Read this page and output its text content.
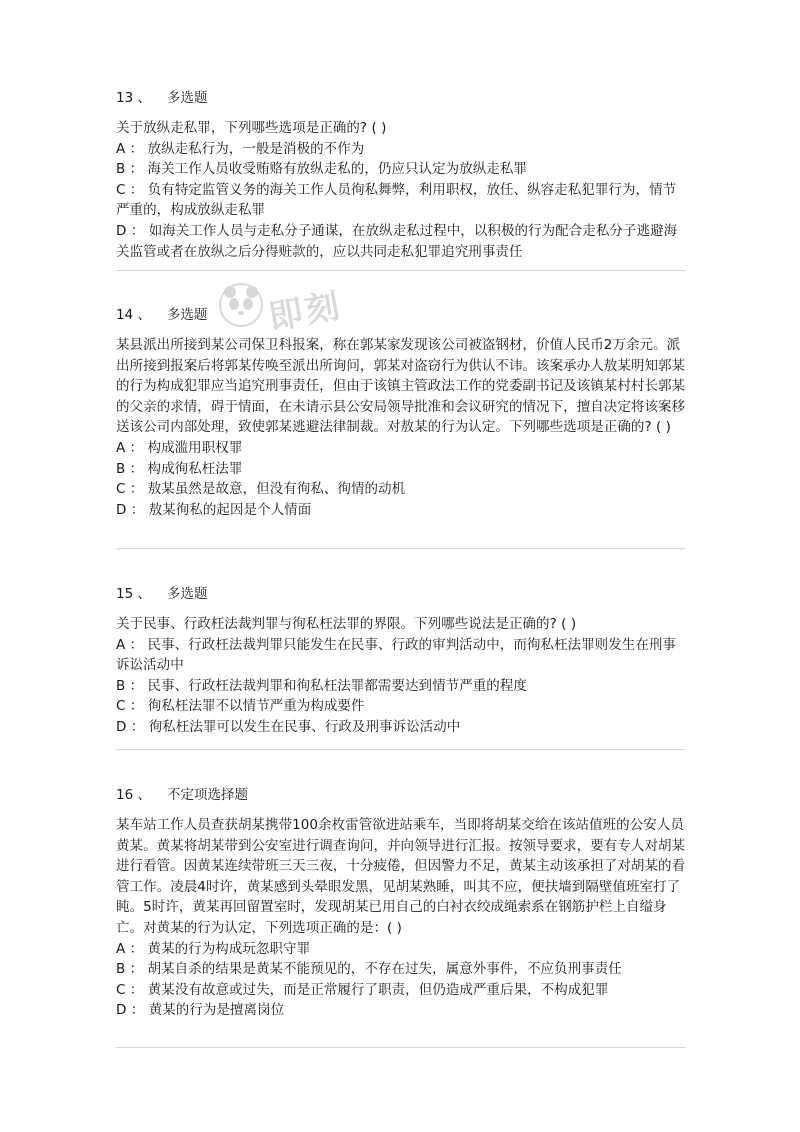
即刻
13 、 多选题
关于放纵走私罪，下列哪些选项是正确的? ( )
A ： 放纵走私行为，一般是消极的不作为
B ： 海关工作人员收受贿赂有放纵走私的，仍应只认定为放纵走私罪
C ： 负有特定监管义务的海关工作人员徇私舞弊，利用职权，放任、纵容走私犯罪行为，情节严重的，构成放纵走私罪
D ： 如海关工作人员与走私分子通谋，在放纵走私过程中，以积极的行为配合走私分子逃避海关监管或者在放纵之后分得赃款的，应以共同走私犯罪追究刑事责任
14 、 多选题
某县派出所接到某公司保卫科报案，称在郭某家发现该公司被盗钢材，价值人民币2万余元。派出所接到报案后将郭某传唤至派出所询问，郭某对盗窃行为供认不讳。该案承办人敖某明知郭某的行为构成犯罪应当追究刑事责任，但由于该镇主管政法工作的党委副书记及该镇某村村长郭某的父亲的求情，碍于情面，在未请示县公安局领导批准和会议研究的情况下，擅自决定将该案移送该公司内部处理，致使郭某逃避法律制裁。对敖某的行为认定。下列哪些选项是正确的? ( )
A ： 构成滥用职权罪
B ： 构成徇私枉法罪
C ： 敖某虽然是故意，但没有徇私、徇情的动机
D ： 敖某徇私的起因是个人情面
15 、 多选题
关于民事、行政枉法裁判罪与徇私枉法罪的界限。下列哪些说法是正确的? ( )
A ： 民事、行政枉法裁判罪只能发生在民事、行政的审判活动中，而徇私枉法罪则发生在刑事诉讼活动中
B ： 民事、行政枉法裁判罪和徇私枉法罪都需要达到情节严重的程度
C ： 徇私枉法罪不以情节严重为构成要件
D ： 徇私枉法罪可以发生在民事、行政及刑事诉讼活动中
16 、 不定项选择题
某车站工作人员查获胡某携带100余枚雷管欲进站乘车，当即将胡某交给在该站值班的公安人员黄某。黄某将胡某带到公安室进行调查询问，并向领导进行汇报。按领导要求，要有专人对胡某进行看管。因黄某连续带班三天三夜，十分疲倦，但因警力不足，黄某主动该承担了对胡某的看管工作。凌晨4时许，黄某感到头晕眼发黑，见胡某熟睡，叫其不应，便扶墙到隔壁值班室打了盹。5时许，黄某再回留置室时，发现胡某已用自己的白衬衣绞成绳索系在钢筋护栏上自缢身亡。对黄某的行为认定，下列选项正确的是：( )
A ： 黄某的行为构成玩忽职守罪
B ： 胡某自杀的结果是黄某不能预见的，不存在过失，属意外事件，不应负刑事责任
C ： 黄某没有故意或过失，而是正常履行了职责，但仍造成严重后果，不构成犯罪
D ： 黄某的行为是擅离岗位
